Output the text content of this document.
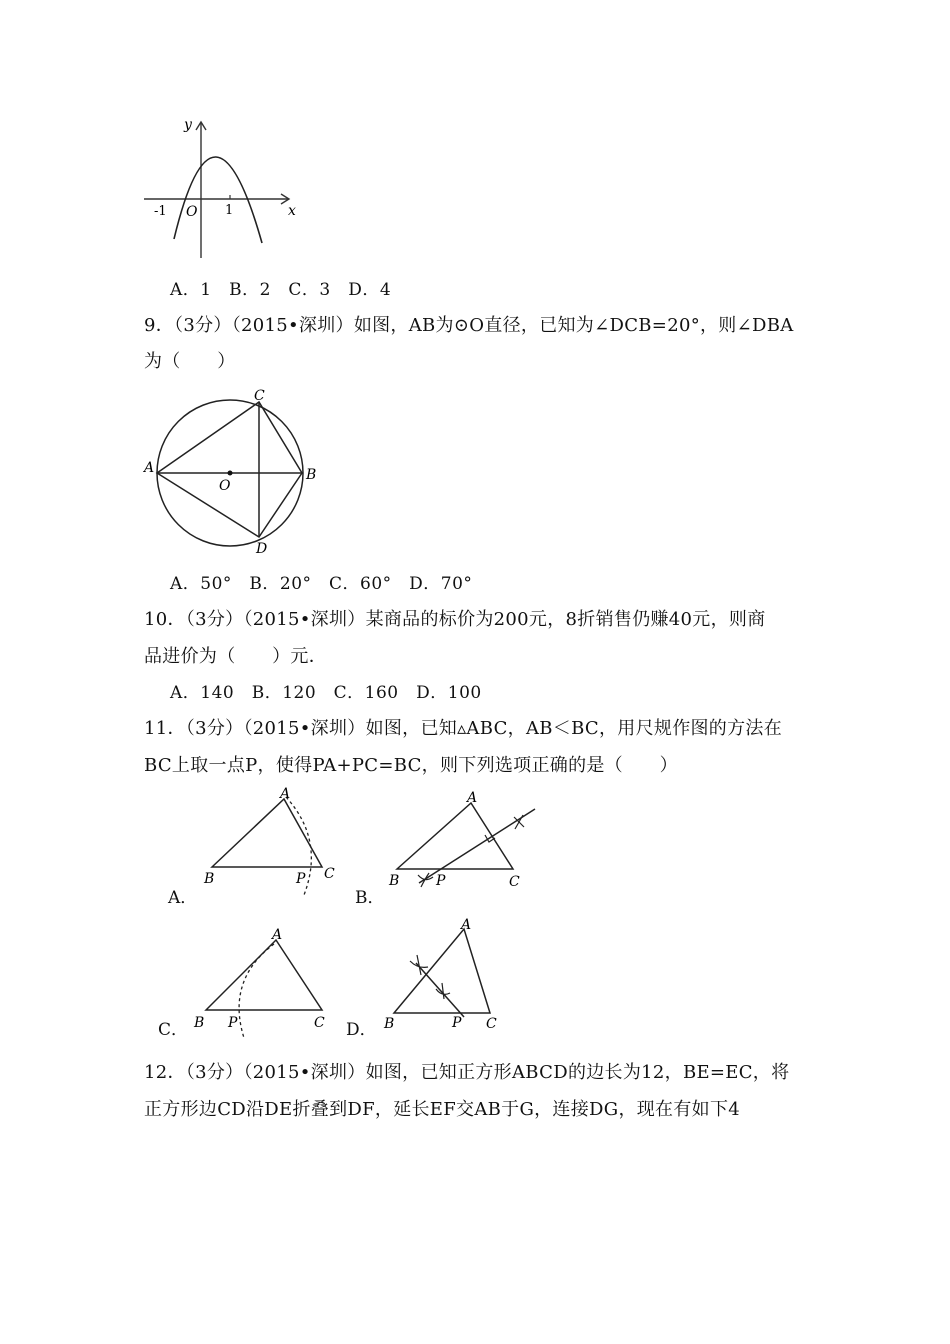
y
x
-1 O 1
A．1　B．2　C．3　D．4
9．（3分）（2015•深圳）如图，AB为⊙O直径，已知为∠DCB=20°，则∠DBA
为（　　）
A	B
C
D
O
A．50°　B．20°　C．60°　D．70°
10．（3分）（2015•深圳）某商品的标价为200元，8折销售仍赚40元，则商
品进价为（　　）元．
A．140　B．120　C．160　D．100
11．（3分）（2015•深圳）如图，已知▵ABC，AB＜BC，用尺规作图的方法在
BC上取一点P，使得PA+PC=BC，则下列选项正确的是（　　）
A．
A
B	C
P
B．
A
B	C
P
C．
A
B	C
P	D．
A
B	C
P
12．（3分）（2015•深圳）如图，已知正方形ABCD的边长为12，BE=EC，将
正方形边CD沿DE折叠到DF，延长EF交AB于G，连接DG，现在有如下4
